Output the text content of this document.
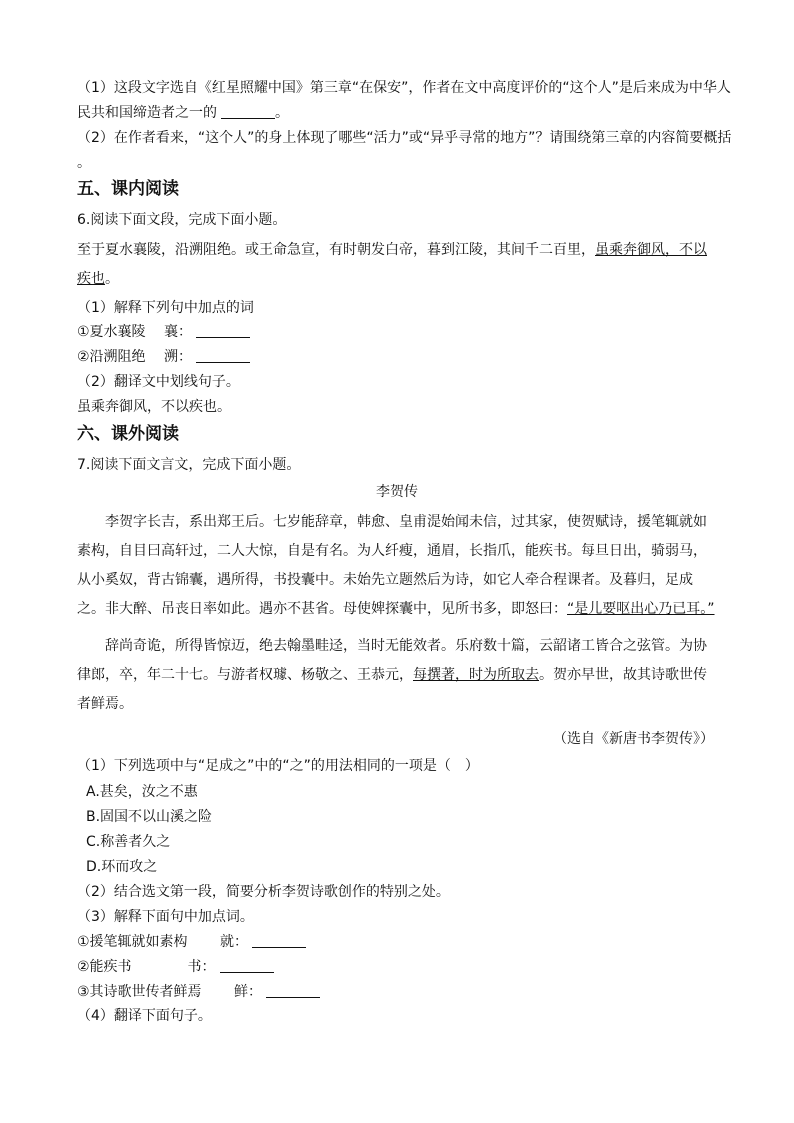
（1）这段文字选自《红星照耀中国》第三章“在保安”，作者在文中高度评价的“这个人”是后来成为中华人
民共和国缔造者之一的	。
（2）在作者看来，“这个人”的身上体现了哪些“活力”或“异乎寻常的地方”？请围绕第三章的内容简要概括
。
五、课内阅读
6.阅读下面文段，完成下面小题。
至于夏水襄陵，沿溯阻绝。或王命急宣，有时朝发白帝，暮到江陵，其间千二百里，虽乘奔御风，不以疾也。
（1）解释下列句中加点的词
①夏水襄陵　 襄：
②沿溯阻绝　 溯：
（2）翻译文中划线句子。
虽乘奔御风，不以疾也。
六、课外阅读
7.阅读下面文言文，完成下面小题。
李贺传
李贺字长吉，系出郑王后。七岁能辞章，韩愈、皇甫湜始闻未信，过其家，使贺赋诗，援笔辄就如素构，自目曰高轩过，二人大惊，自是有名。为人纤瘦，通眉，长指爪，能疾书。每旦日出，骑弱马，从小奚奴，背古锦囊，遇所得，书投囊中。未始先立题然后为诗，如它人牵合程课者。及暮归，足成之。非大醉、吊丧日率如此。遇亦不甚省。母使婢探囊中，见所书多，即怒曰：“是儿要呕出心乃已耳。”
辞尚奇诡，所得皆惊迈，绝去翰墨畦迳，当时无能效者。乐府数十篇，云韶诸工皆合之弦管。为协律郎，卒，年二十七。与游者权璩、杨敬之、王恭元，每撰著，时为所取去。贺亦早世，故其诗歌世传者鲜焉。
（选自《新唐书李贺传》）
（1）下列选项中与“足成之”中的“之”的用法相同的一项是（　）
A.甚矣，汝之不惠
B.固国不以山溪之险
C.称善者久之
D.环而攻之
（2）结合选文第一段，简要分析李贺诗歌创作的特别之处。
（3）解释下面句中加点词。
①援笔辄就如素构　　 就：
②能疾书　　　　书：
③其诗歌世传者鲜焉　　 鲜：
（4）翻译下面句子。
